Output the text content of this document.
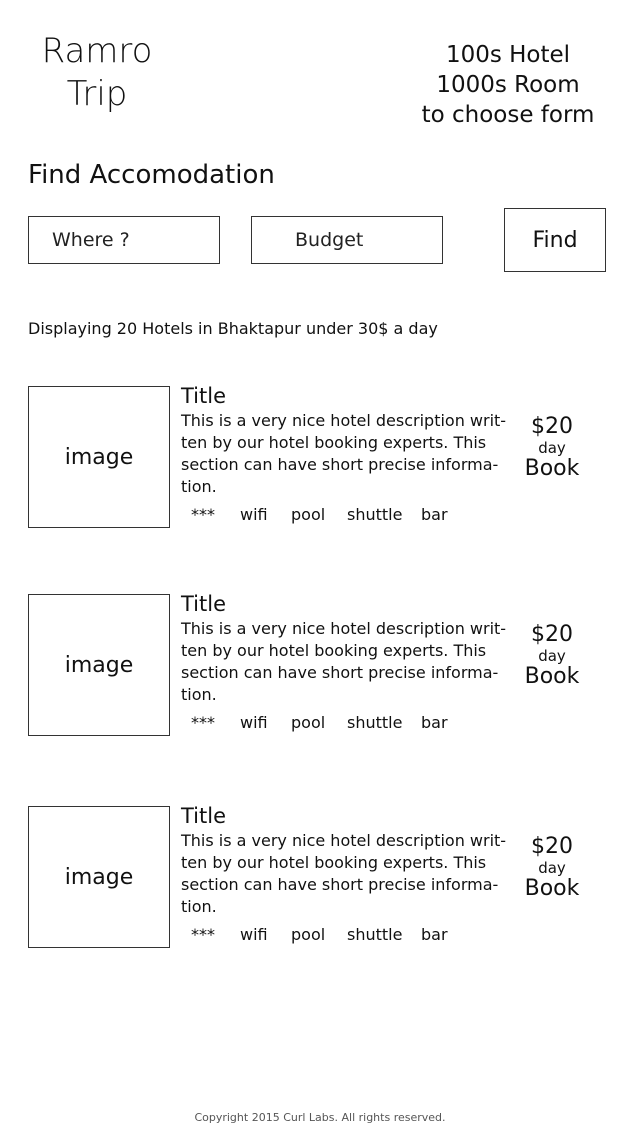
Ramro
Trip
100s Hotel
1000s Room
to choose form
Find Accomodation
Where ?
Budget
Find
Displaying 20 Hotels in Bhaktapur under 30$ a day
image
Title

This is a very nice hotel description writ-ten by our hotel booking experts. This section can have short precise informa-tion.

*** wifi pool shuttle bar
$20
day
Book
image
Title

This is a very nice hotel description writ-ten by our hotel booking experts. This section can have short precise informa-tion.

*** wifi pool shuttle bar
$20
day
Book
image
Title

This is a very nice hotel description writ-ten by our hotel booking experts. This section can have short precise informa-tion.

*** wifi pool shuttle bar
$20
day
Book
Copyright 2015 Curl Labs. All rights reserved.
